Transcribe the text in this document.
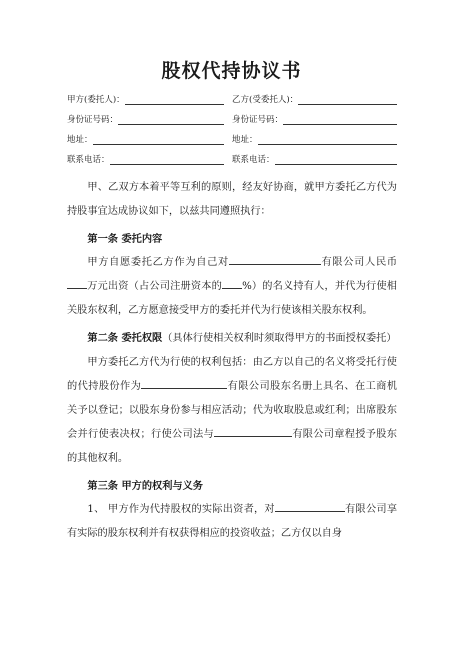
股权代持协议书
甲方(委托人)：	乙方(受委托人)：
身份证号码：	身份证号码：
地址：	地址：
联系电话：	联系电话：

甲、乙双方本着平等互利的原则，经友好协商，就甲方委托乙方代为持股事宜达成协议如下，以兹共同遵照执行：

第一条 委托内容

甲方自愿委托乙方作为自己对	有限公司人民币万元出资（占公司注册资本的 %）的名义持有人，并代为行使相关股东权利，乙方愿意接受甲方的委托并代为行使该相关股东权利。

第二条 委托权限（具体行使相关权利时须取得甲方的书面授权委托）

甲方委托乙方代为行使的权利包括：由乙方以自己的名义将受托行使的代持股份作为	有限公司股东名册上具名、在工商机关予以登记；以股东身份参与相应活动；代为收取股息或红利；出席股东会并行使表决权；行使公司法与	有限公司章程授予股东的其他权利。

第三条 甲方的权利与义务

1、 甲方作为代持股权的实际出资者，对	有限公司享有实际的股东权利并有权获得相应的投资收益；乙方仅以自身
